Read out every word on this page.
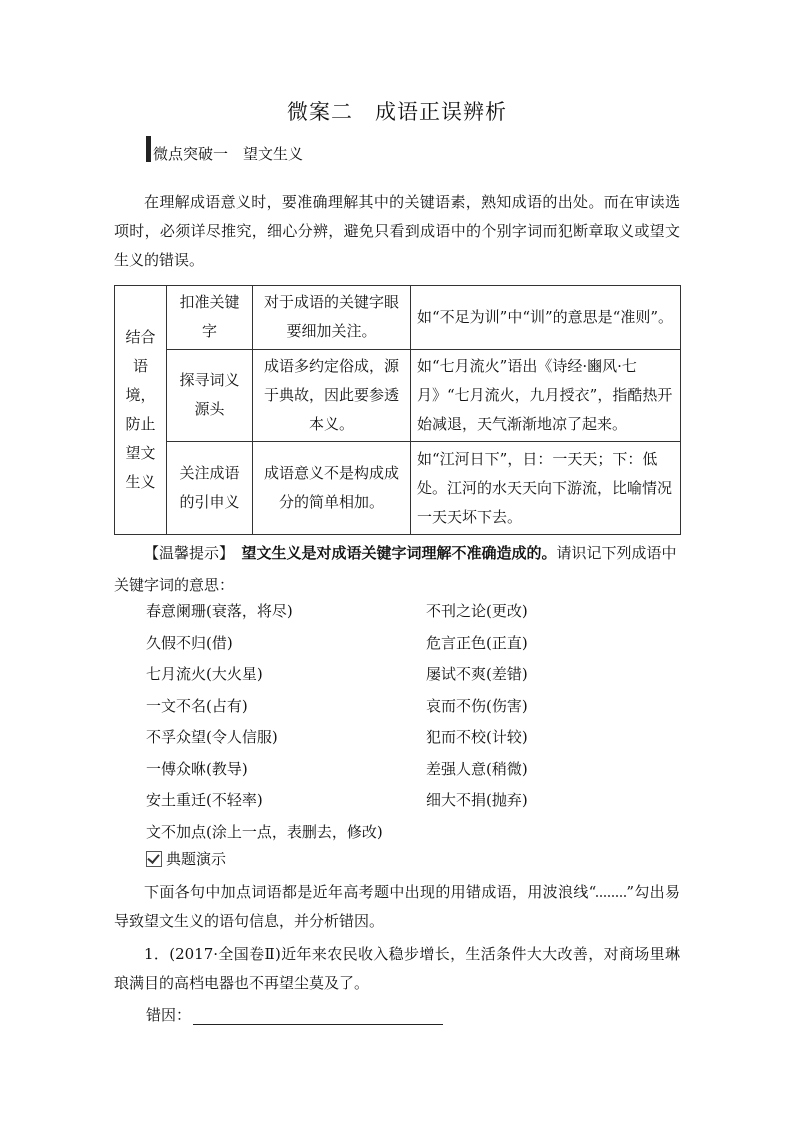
微案二　成语正误辨析
微点突破一　望文生义
在理解成语意义时，要准确理解其中的关键语素，熟知成语的出处。而在审读选项时，必须详尽推究，细心分辨，避免只看到成语中的个别字词而犯断章取义或望文生义的错误。
结合语境，防止望文生义	扣准关键字	对于成语的关键字眼要细加关注。	如“不足为训”中“训”的意思是“准则”。
	探寻词义源头	成语多约定俗成，源于典故，因此要参透本义。	如“七月流火”语出《诗经·豳风·七月》“七月流火，九月授衣”，指酷热开始减退，天气渐渐地凉了起来。
	关注成语的引申义	成语意义不是构成成分的简单相加。	如“江河日下”，日：一天天；下：低处。江河的水天天向下游流，比喻情况一天天坏下去。
【温馨提示】　 望文生义是对成语关键字词理解不准确造成的。请识记下列成语中关键字词的意思：
春意阑珊(衰落，将尽)	不刊之论(更改)
久假不归(借)	危言正色(正直)
七月流火(大火星)	屡试不爽(差错)
一文不名(占有)	哀而不伤(伤害)
不孚众望(令人信服)	犯而不校(计较)
一傅众咻(教导)	差强人意(稍微)
安土重迁(不轻率)	细大不捐(抛弃)
文不加点(涂上一点，表删去，修改)
典题演示
下面各句中加点词语都是近年高考题中出现的用错成语，用波浪线“ ”勾出易导致望文生义的语句信息，并分析错因。
1．(2017·全国卷Ⅱ)近年来农民收入稳步增长，生活条件大大改善，对商场里琳琅满目的高档电器也不再望尘莫及了。
错因：
